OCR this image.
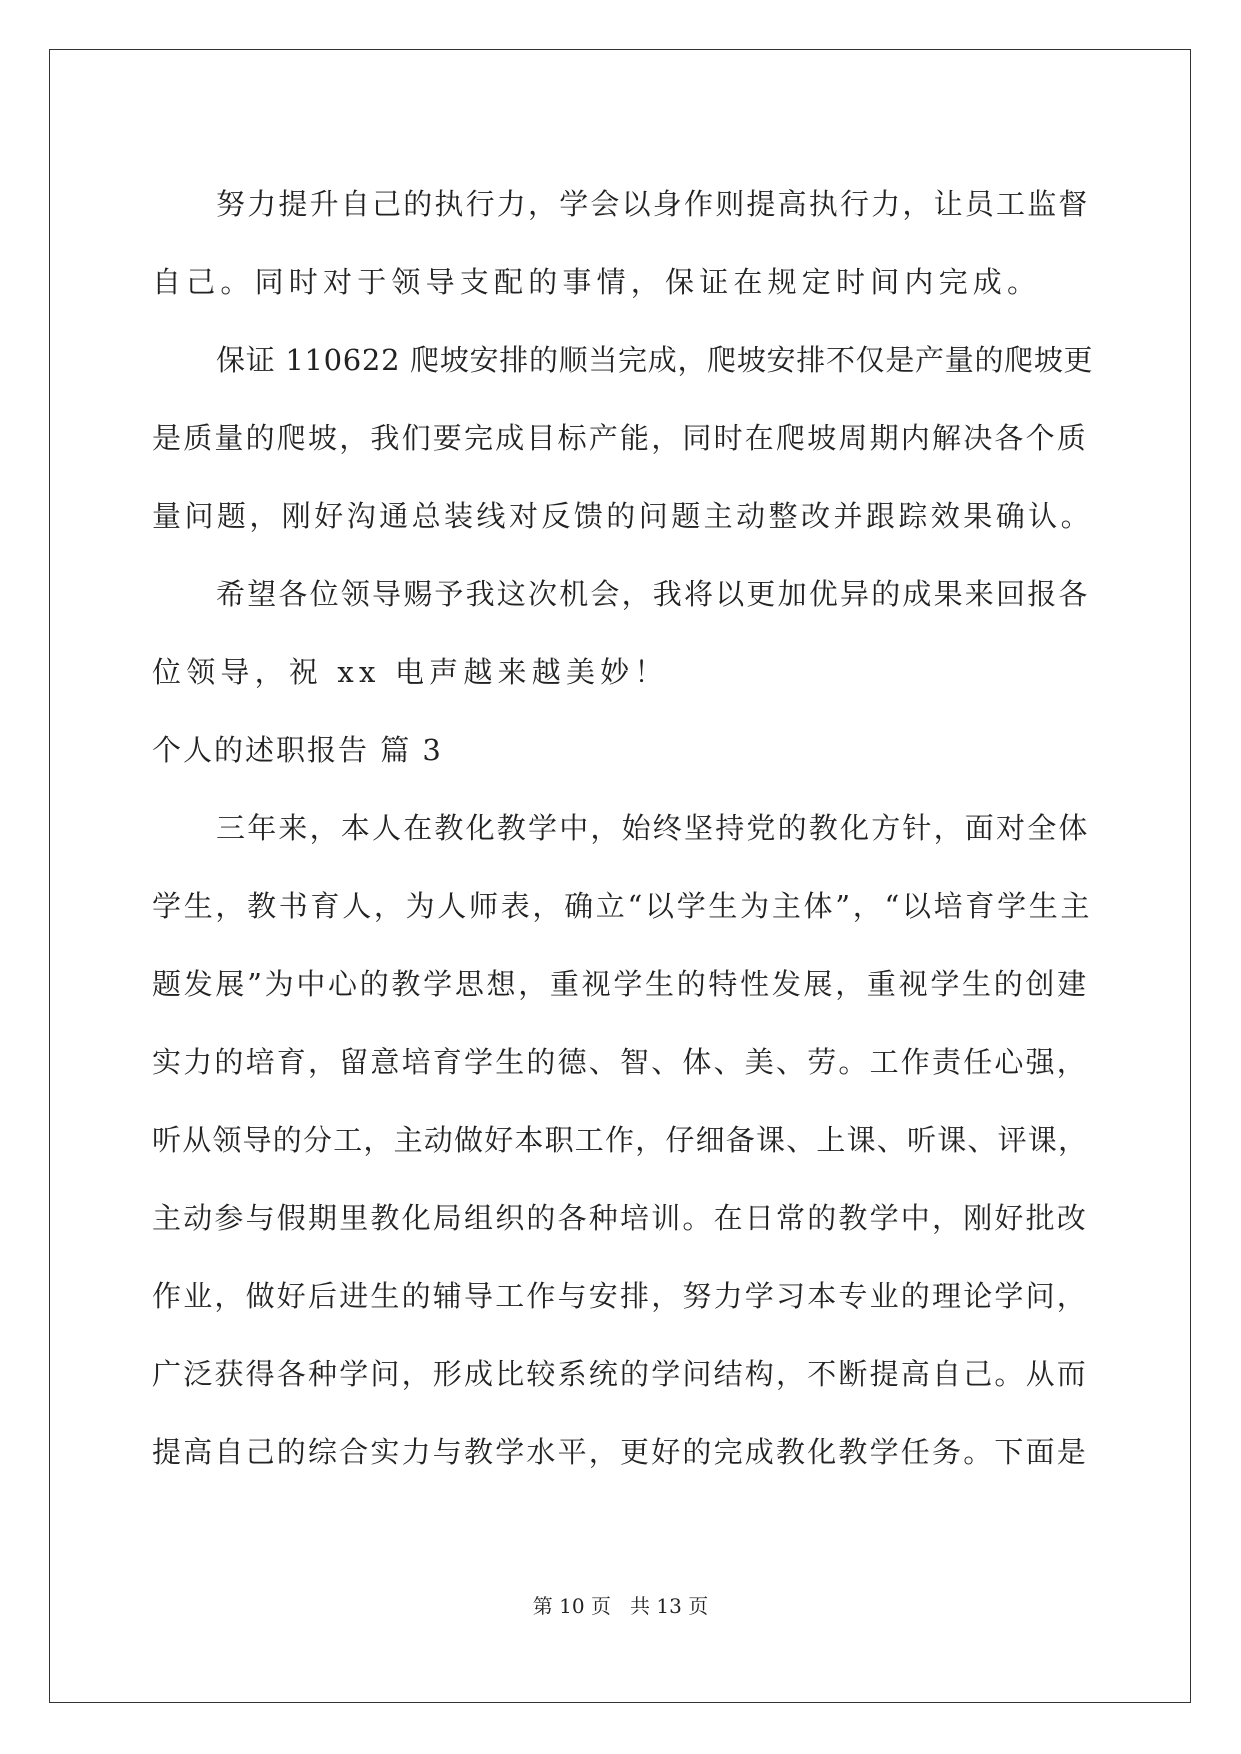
努力提升自己的执行力，学会以身作则提高执行力，让员工监督
自己。同时对于领导支配的事情，保证在规定时间内完成。
保证 110622 爬坡安排的顺当完成，爬坡安排不仅是产量的爬坡更
是质量的爬坡，我们要完成目标产能，同时在爬坡周期内解决各个质
量问题，刚好沟通总装线对反馈的问题主动整改并跟踪效果确认。
希望各位领导赐予我这次机会，我将以更加优异的成果来回报各
位领导，祝 xx 电声越来越美妙！
个人的述职报告 篇 3
三年来，本人在教化教学中，始终坚持党的教化方针，面对全体
学生，教书育人，为人师表，确立“以学生为主体”，“以培育学生主
题发展”为中心的教学思想，重视学生的特性发展，重视学生的创建
实力的培育，留意培育学生的德、智、体、美、劳。工作责任心强，
听从领导的分工，主动做好本职工作，仔细备课、上课、听课、评课，
主动参与假期里教化局组织的各种培训。在日常的教学中，刚好批改
作业，做好后进生的辅导工作与安排，努力学习本专业的理论学问，
广泛获得各种学问，形成比较系统的学问结构，不断提高自己。从而
提高自己的综合实力与教学水平，更好的完成教化教学任务。下面是
第 10 页 共 13 页
